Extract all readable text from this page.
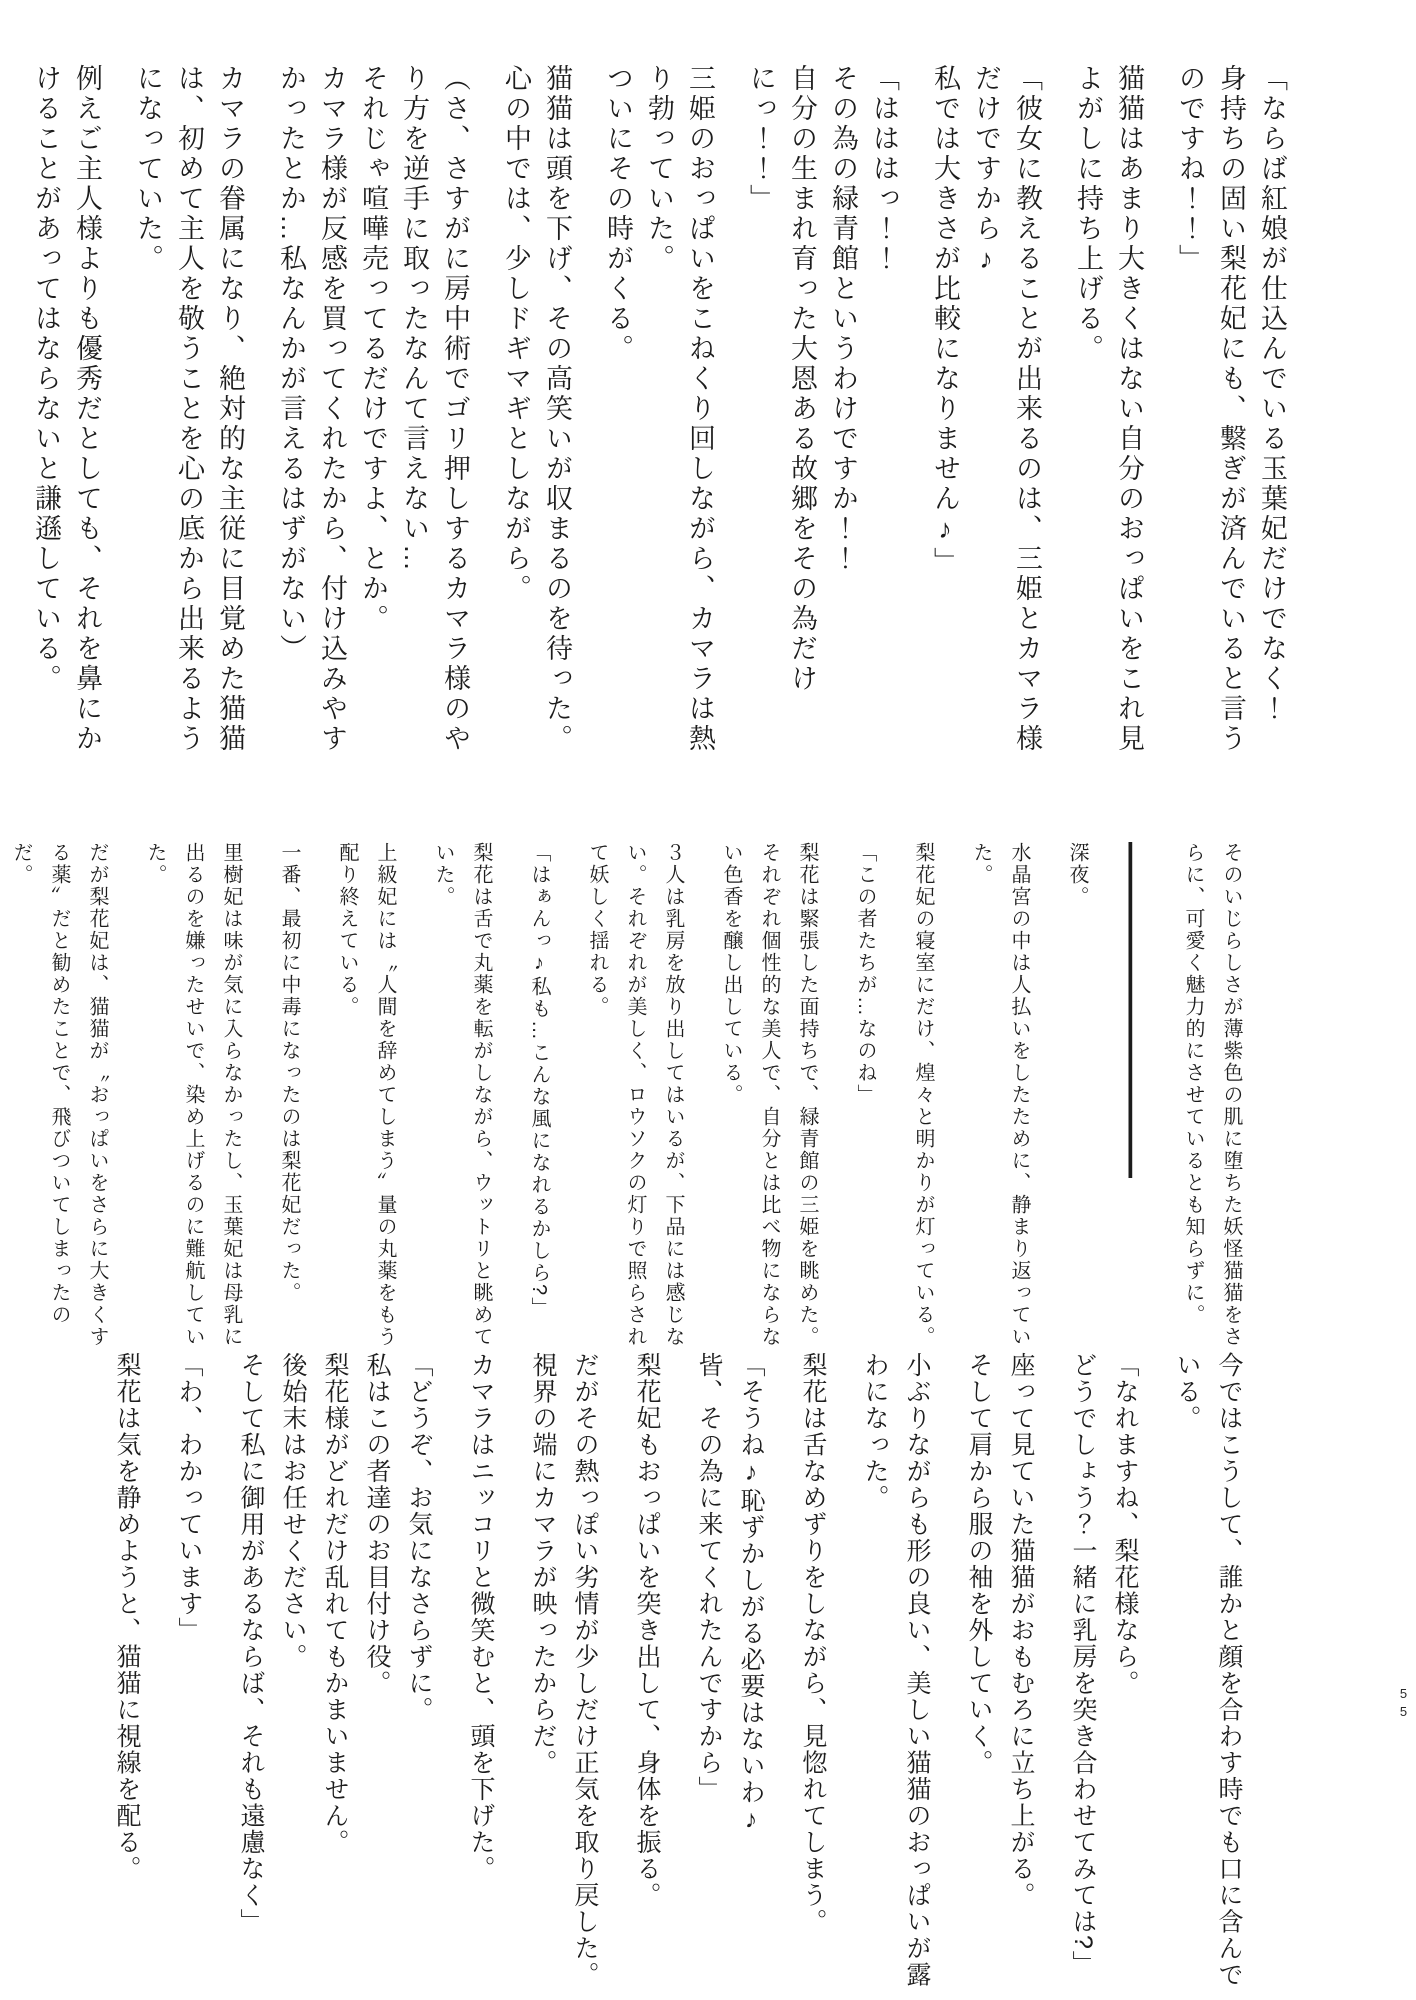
「ならば紅娘が仕込んでいる玉葉妃だけでなく！

身持ちの固い梨花妃にも、繋ぎが済んでいると言うのですね！！」

猫猫はあまり大きくはない自分のおっぱいをこれ見よがしに持ち上げる。

「彼女に教えることが出来るのは、三姫とカマラ様だけですから♪

私では大きさが比較になりません♪」

「はははっ！！

その為の緑青館というわけですか！！

自分の生まれ育った大恩ある故郷をその為だけにっ！！」

三姫のおっぱいをこねくり回しながら、カマラは熱り勃っていた。

ついにその時がくる。

猫猫は頭を下げ、その高笑いが収まるのを待った。

心の中では、少しドギマギとしながら。

（さ、さすがに房中術でゴリ押しするカマラ様のやり方を逆手に取ったなんて言えない…

それじゃ喧嘩売ってるだけですよ、とか。

カマラ様が反感を買ってくれたから、付け込みやすかったとか…私なんかが言えるはずがない）

カマラの眷属になり、絶対的な主従に目覚めた猫猫は、初めて主人を敬うことを心の底から出来るようになっていた。

例えご主人様よりも優秀だとしても、それを鼻にかけることがあってはならないと謙遜している。

そのいじらしさが薄紫色の肌に堕ちた妖怪猫猫をさらに、可愛く魅力的にさせているとも知らずに。

――――――

深夜。

水晶宮の中は人払いをしたために、静まり返っていた。

梨花妃の寝室にだけ、煌々と明かりが灯っている。

「この者たちが…なのね」

梨花は緊張した面持ちで、緑青館の三姫を眺めた。

それぞれ個性的な美人で、自分とは比べ物にならない色香を醸し出している。

３人は乳房を放り出してはいるが、下品には感じない。それぞれが美しく、ロウソクの灯りで照らされて妖しく揺れる。

「はぁんっ♪私も…こんな風になれるかしら?」

梨花は舌で丸薬を転がしながら、ウットリと眺めていた。

上級妃には〝人間を辞めてしまう〟量の丸薬をもう配り終えている。

一番、最初に中毒になったのは梨花妃だった。

里樹妃は味が気に入らなかったし、玉葉妃は母乳に出るのを嫌ったせいで、染め上げるのに難航していた。

だが梨花妃は、猫猫が〝おっぱいをさらに大きくする薬〟だと勧めたことで、飛びついてしまったのだ。

今ではこうして、誰かと顔を合わす時でも口に含んでいる。

「なれますね、梨花様なら。

どうでしょう？一緒に乳房を突き合わせてみては?」

座って見ていた猫猫がおもむろに立ち上がる。

そして肩から服の袖を外していく。

小ぶりながらも形の良い、美しい猫猫のおっぱいが露わになった。

梨花は舌なめずりをしながら、見惚れてしまう。

「そうね♪恥ずかしがる必要はないわ♪

皆、その為に来てくれたんですから」

梨花妃もおっぱいを突き出して、身体を振る。

だがその熱っぽい劣情が少しだけ正気を取り戻した。

視界の端にカマラが映ったからだ。

カマラはニッコリと微笑むと、頭を下げた。

「どうぞ、お気になさらずに。

私はこの者達のお目付け役。

梨花様がどれだけ乱れてもかまいません。

後始末はお任せください。

そして私に御用があるならば、それも遠慮なく」

「わ、わかっています」

梨花は気を静めようと、猫猫に視線を配る。	55
